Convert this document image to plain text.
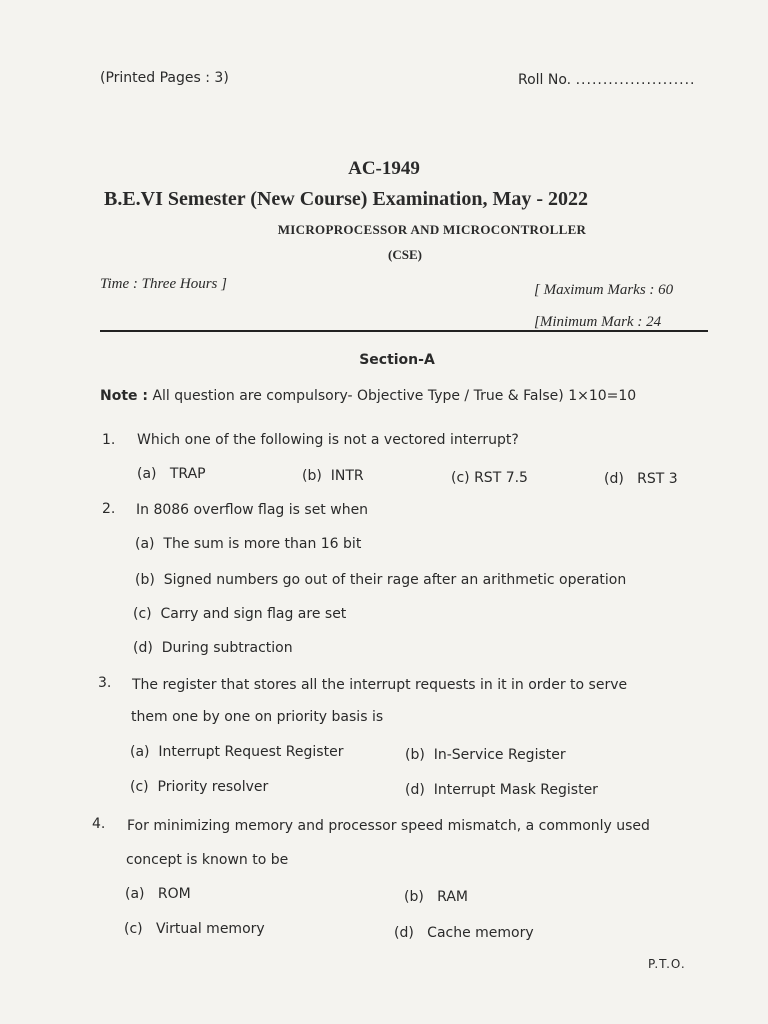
(Printed Pages : 3)	Roll No. ......................
AC-1949
B.E.VI Semester (New Course) Examination, May - 2022
MICROPROCESSOR AND MICROCONTROLLER
(CSE)
Time : Three Hours ]	[ Maximum Marks : 60
[Minimum Mark : 24
Section-A
Note : All question are compulsory- Objective Type / True & False) 1×10=10
1. Which one of the following is not a vectored interrupt?
(a) TRAP	(b) INTR	(c) RST 7.5	(d) RST 3
2. In 8086 overflow flag is set when
(a) The sum is more than 16 bit
(b) Signed numbers go out of their rage after an arithmetic operation
(c) Carry and sign flag are set
(d) During subtraction
3. The register that stores all the interrupt requests in it in order to serve
them one by one on priority basis is
(a) Interrupt Request Register	(b) In-Service Register
(c) Priority resolver	(d) Interrupt Mask Register
4. For minimizing memory and processor speed mismatch, a commonly used
concept is known to be
(a) ROM	(b) RAM
(c) Virtual memory	(d) Cache memory
P.T.O.
